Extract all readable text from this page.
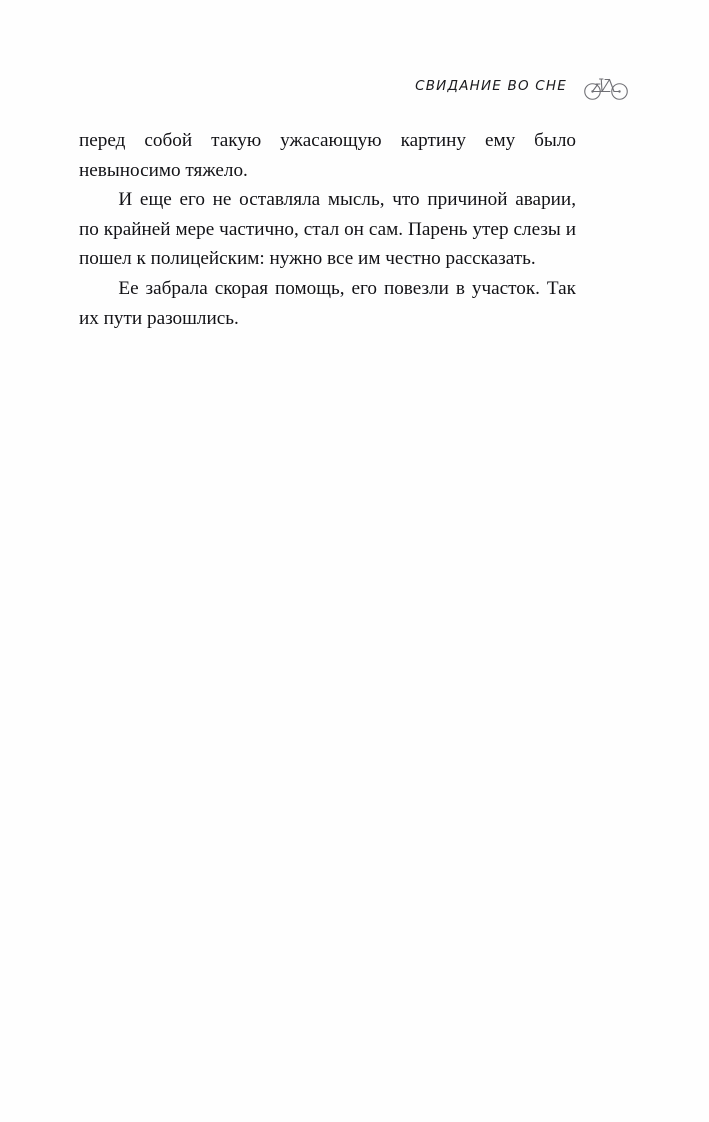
СВИДАНИЕ ВО СНЕ

перед собой такую ужасающую картину ему было невыносимо тяжело.

И еще его не оставляла мысль, что причиной аварии, по крайней мере частично, стал он сам. Парень утер слезы и пошел к полицейским: нужно все им честно рассказать.

Ее забрала скорая помощь, его повезли в участок. Так их пути разошлись.
